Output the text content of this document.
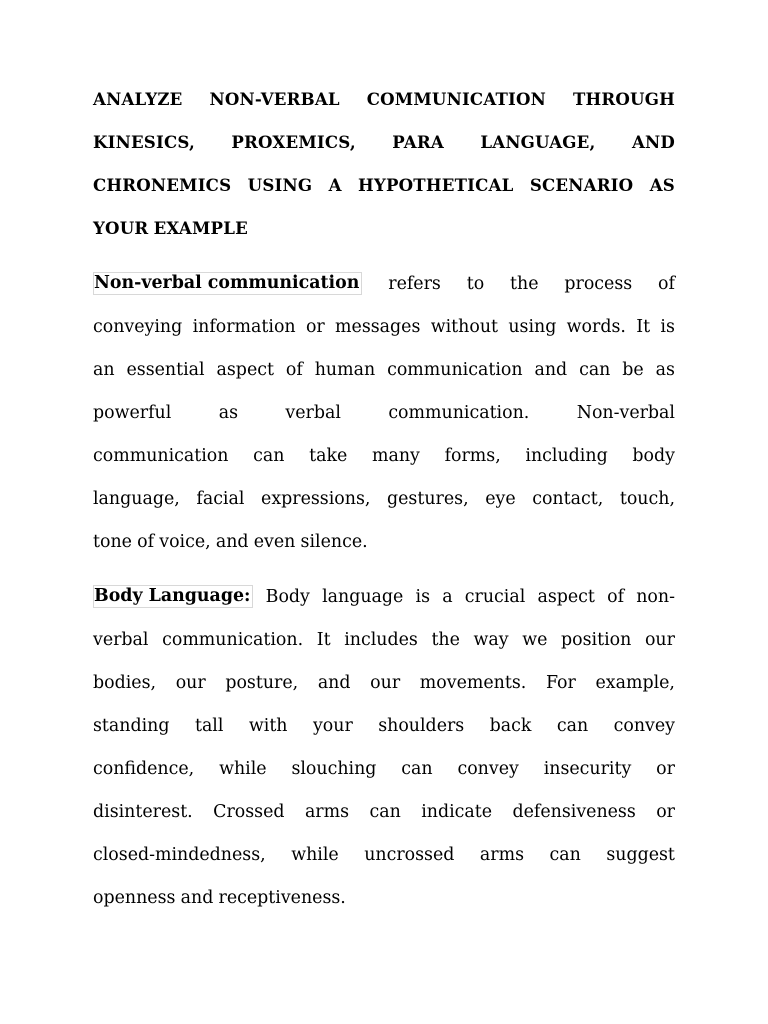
ANALYZE NON-VERBAL COMMUNICATION THROUGH
KINESICS, PROXEMICS, PARA LANGUAGE, AND
CHRONEMICS USING A HYPOTHETICAL SCENARIO AS
YOUR EXAMPLE
Non-verbal communication refers to the process of
conveying information or messages without using words. It is
an essential aspect of human communication and can be as
powerful	as	verbal	communication.	Non-verbal
communication can take many forms, including body
language, facial expressions, gestures, eye contact, touch,
tone of voice, and even silence.
Body Language: Body language is a crucial aspect of non-
verbal communication. It includes the way we position our
bodies, our posture, and our movements. For example,
standing tall with your shoulders back can convey
confidence, while slouching can convey insecurity or
disinterest. Crossed arms can indicate defensiveness or
closed-mindedness, while uncrossed arms can suggest
openness and receptiveness.
